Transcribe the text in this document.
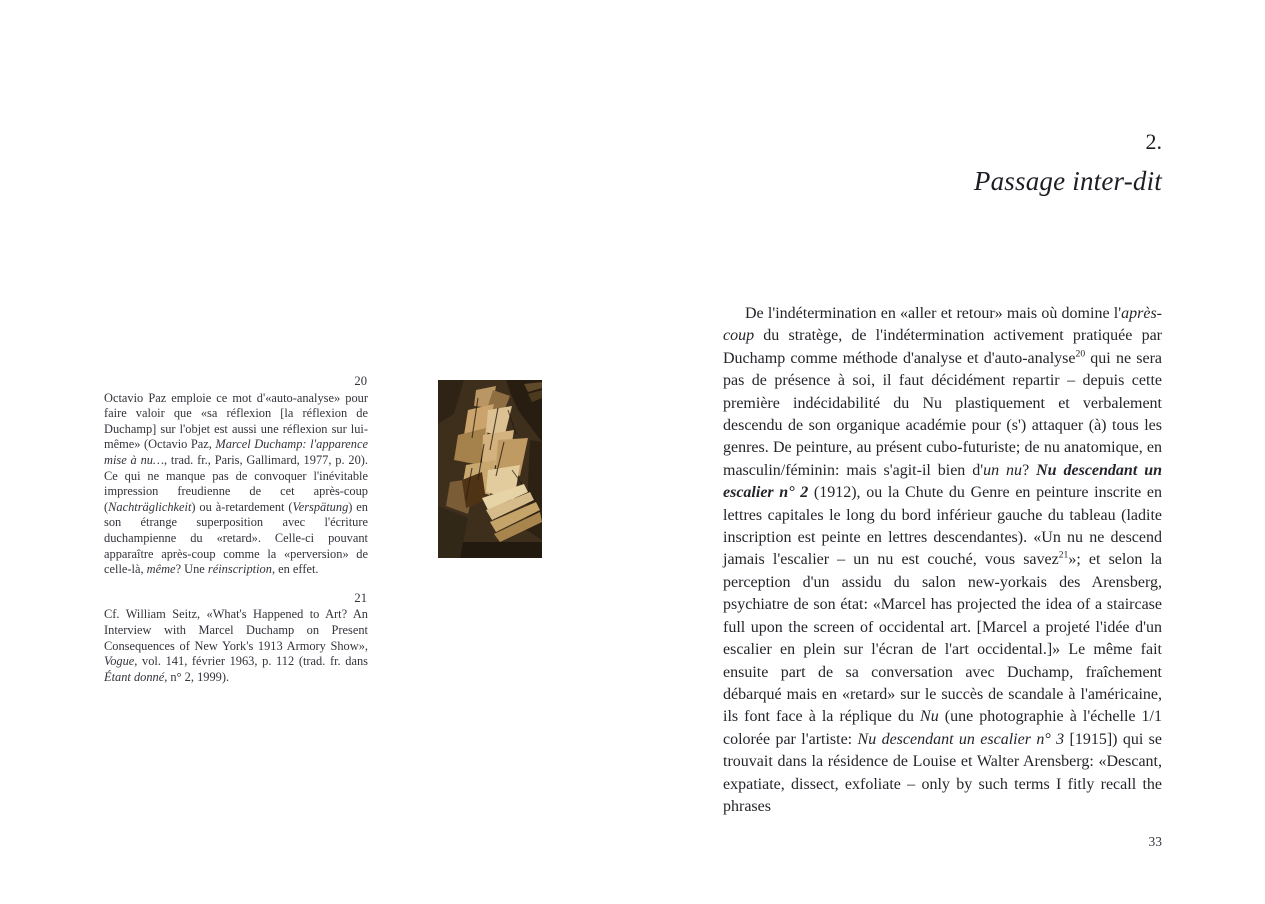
20
Octavio Paz emploie ce mot d'«auto-analyse» pour faire valoir que «sa réflexion [la réflexion de Duchamp] sur l'objet est aussi une réflexion sur lui-même» (Octavio Paz, Marcel Duchamp: l'apparence mise à nu…, trad. fr., Paris, Gallimard, 1977, p. 20). Ce qui ne manque pas de convoquer l'inévitable impression freudienne de cet après-coup (Nachträglichkeit) ou à-retardement (Verspätung) en son étrange superposition avec l'écriture duchampienne du «retard». Celle-ci pouvant apparaître après-coup comme la «perversion» de celle-là, même? Une réinscription, en effet.
21
Cf. William Seitz, «What's Happened to Art? An Interview with Marcel Duchamp on Present Consequences of New York's 1913 Armory Show», Vogue, vol. 141, février 1963, p. 112 (trad. fr. dans Étant donné, n° 2, 1999).
2.
Passage inter-dit
De l'indétermination en «aller et retour» mais où domine l'après-coup du stratège, de l'indétermination activement pratiquée par Duchamp comme méthode d'analyse et d'auto-analyse$^{20}$ qui ne sera pas de présence à soi, il faut décidément repartir – depuis cette première indécidabilité du Nu plastiquement et verbalement descendu de son organique académie pour (s') attaquer (à) tous les genres. De peinture, au présent cubo-futuriste; de nu anatomique, en masculin/féminin: mais s'agit-il bien d'un nu? Nu descendant un escalier n° 2 (1912), ou la Chute du Genre en peinture inscrite en lettres capitales le long du bord inférieur gauche du tableau (ladite inscription est peinte en lettres descendantes). «Un nu ne descend jamais l'escalier – un nu est couché, vous savez$^{21}$»; et selon la perception d'un assidu du salon new-yorkais des Arensberg, psychiatre de son état: «Marcel has projected the idea of a staircase full upon the screen of occidental art. [Marcel a projeté l'idée d'un escalier en plein sur l'écran de l'art occidental.]» Le même fait ensuite part de sa conversation avec Duchamp, fraîchement débarqué mais en «retard» sur le succès de scandale à l'américaine, ils font face à la réplique du Nu (une photographie à l'échelle 1/1 colorée par l'artiste: Nu descendant un escalier n° 3 [1915]) qui se trouvait dans la résidence de Louise et Walter Arensberg: «Descant, expatiate, dissect, exfoliate – only by such terms I fitly recall the phrases
33
